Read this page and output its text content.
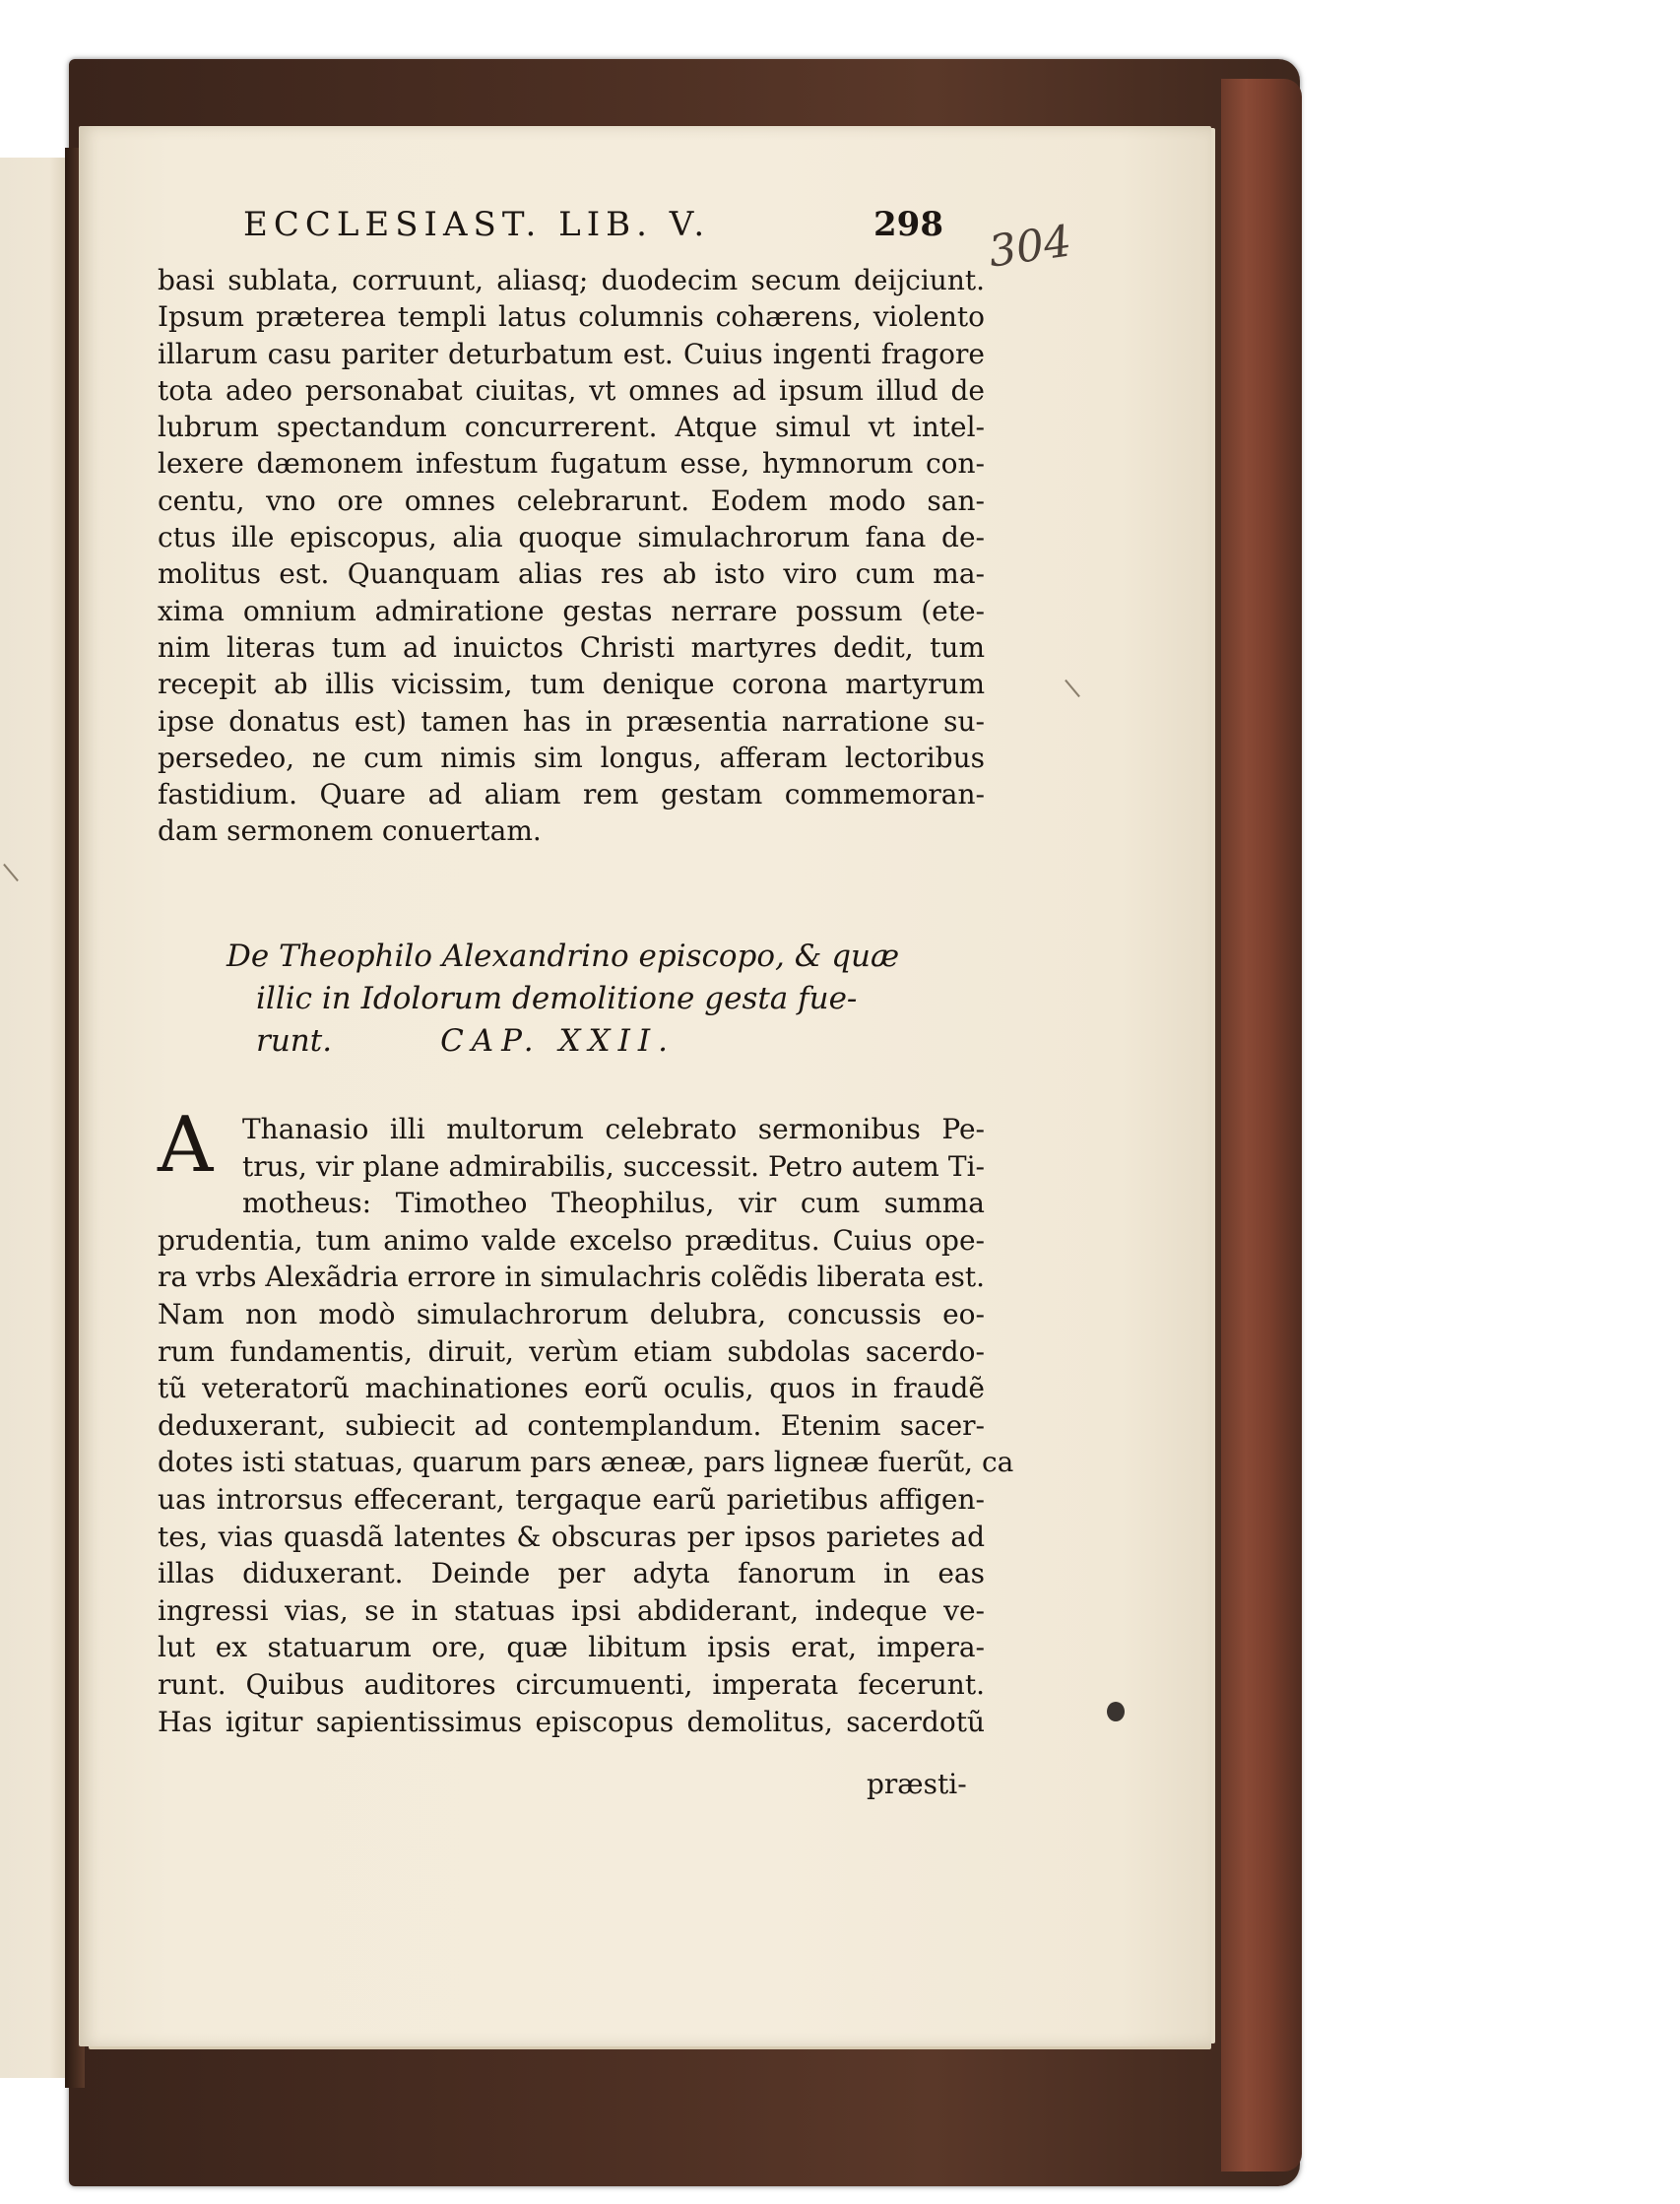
ECCLESIAST. LIB. V.	298 304
basi sublata, corruunt, aliasq; duodecim secum deijciunt.
Ipsum præterea templi latus columnis cohærens, violento
illarum casu pariter deturbatum est. Cuius ingenti fragore
tota adeo personabat ciuitas, vt omnes ad ipsum illud de
lubrum spectandum concurrerent. Atque simul vt intel-
lexere dæmonem infestum fugatum esse, hymnorum con-
centu, vno ore omnes celebrarunt. Eodem modo san-
ctus ille episcopus, alia quoque simulachrorum fana de-
molitus est. Quanquam alias res ab isto viro cum ma-
xima omnium admiratione gestas nerrare possum (ete-
nim literas tum ad inuictos Christi martyres dedit, tum
recepit ab illis vicissim, tum denique corona martyrum
ipse donatus est) tamen has in præsentia narratione su-
persedeo, ne cum nimis sim longus, afferam lectoribus
fastidium. Quare ad aliam rem gestam commemoran-
dam sermonem conuertam.
De Theophilo Alexandrino episcopo, & quæ
illic in Idolorum demolitione gesta fue-
runt.	CAP. XXII.
A	Thanasio illi multorum celebrato sermonibus Pe-
trus, vir plane admirabilis, successit. Petro autem Ti-
motheus: Timotheo Theophilus, vir cum summa
prudentia, tum animo valde excelso præditus. Cuius ope-
ra vrbs Alexãdria errore in simulachris colẽdis liberata est.
Nam non modò simulachrorum delubra, concussis eo-
rum fundamentis, diruit, verùm etiam subdolas sacerdo-
tũ veteratorũ machinationes eorũ oculis, quos in fraudẽ
deduxerant, subiecit ad contemplandum. Etenim sacer-
dotes isti statuas, quarum pars æneæ, pars ligneæ fuerũt, ca
uas introrsus effecerant, tergaque earũ parietibus affigen-
tes, vias quasdã latentes & obscuras per ipsos parietes ad
illas diduxerant. Deinde per adyta fanorum in eas
ingressi vias, se in statuas ipsi abdiderant, indeque ve-
lut ex statuarum ore, quæ libitum ipsis erat, impera-
runt. Quibus auditores circumuenti, imperata fecerunt.
Has igitur sapientissimus episcopus demolitus, sacerdotũ
præsti-
